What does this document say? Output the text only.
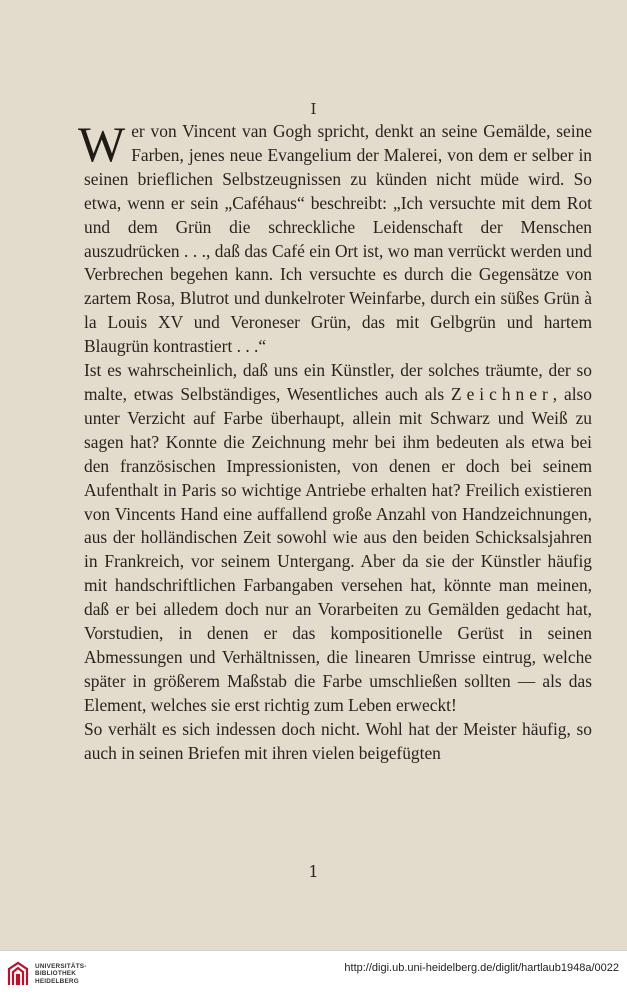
I

Wer von Vincent van Gogh spricht, denkt an seine Gemälde, seine Farben, jenes neue Evangelium der Malerei, von dem er selber in seinen brieflichen Selbstzeugnissen zu künden nicht müde wird. So etwa, wenn er sein „Caféhaus“ beschreibt: „Ich versuchte mit dem Rot und dem Grün die schreckliche Leidenschaft der Menschen auszudrücken . . ., daß das Café ein Ort ist, wo man verrückt werden und Verbrechen begehen kann. Ich versuchte es durch die Gegensätze von zartem Rosa, Blutrot und dunkelroter Weinfarbe, durch ein süßes Grün à la Louis XV und Veroneser Grün, das mit Gelbgrün und hartem Blaugrün kontrastiert . . .“

Ist es wahrscheinlich, daß uns ein Künstler, der solches träumte, der so malte, etwas Selbständiges, Wesentliches auch als Zeichner, also unter Verzicht auf Farbe überhaupt, allein mit Schwarz und Weiß zu sagen hat? Konnte die Zeichnung mehr bei ihm bedeuten als etwa bei den französischen Impressionisten, von denen er doch bei seinem Aufenthalt in Paris so wichtige Antriebe erhalten hat? Freilich existieren von Vincents Hand eine auffallend große Anzahl von Handzeichnungen, aus der holländischen Zeit sowohl wie aus den beiden Schicksalsjahren in Frankreich, vor seinem Untergang. Aber da sie der Künstler häufig mit handschriftlichen Farbangaben versehen hat, könnte man meinen, daß er bei alledem doch nur an Vorarbeiten zu Gemälden gedacht hat, Vorstudien, in denen er das kompositionelle Gerüst in seinen Abmessungen und Verhältnissen, die linearen Umrisse eintrug, welche später in größerem Maßstab die Farbe umschließen sollten — als das Element, welches sie erst richtig zum Leben erweckt!

So verhält es sich indessen doch nicht. Wohl hat der Meister häufig, so auch in seinen Briefen mit ihren vielen beigefügten

1
UNIVERSITÄTS-
BIBLIOTHEK
HEIDELBERG
http://digi.ub.uni-heidelberg.de/diglit/hartlaub1948a/0022
